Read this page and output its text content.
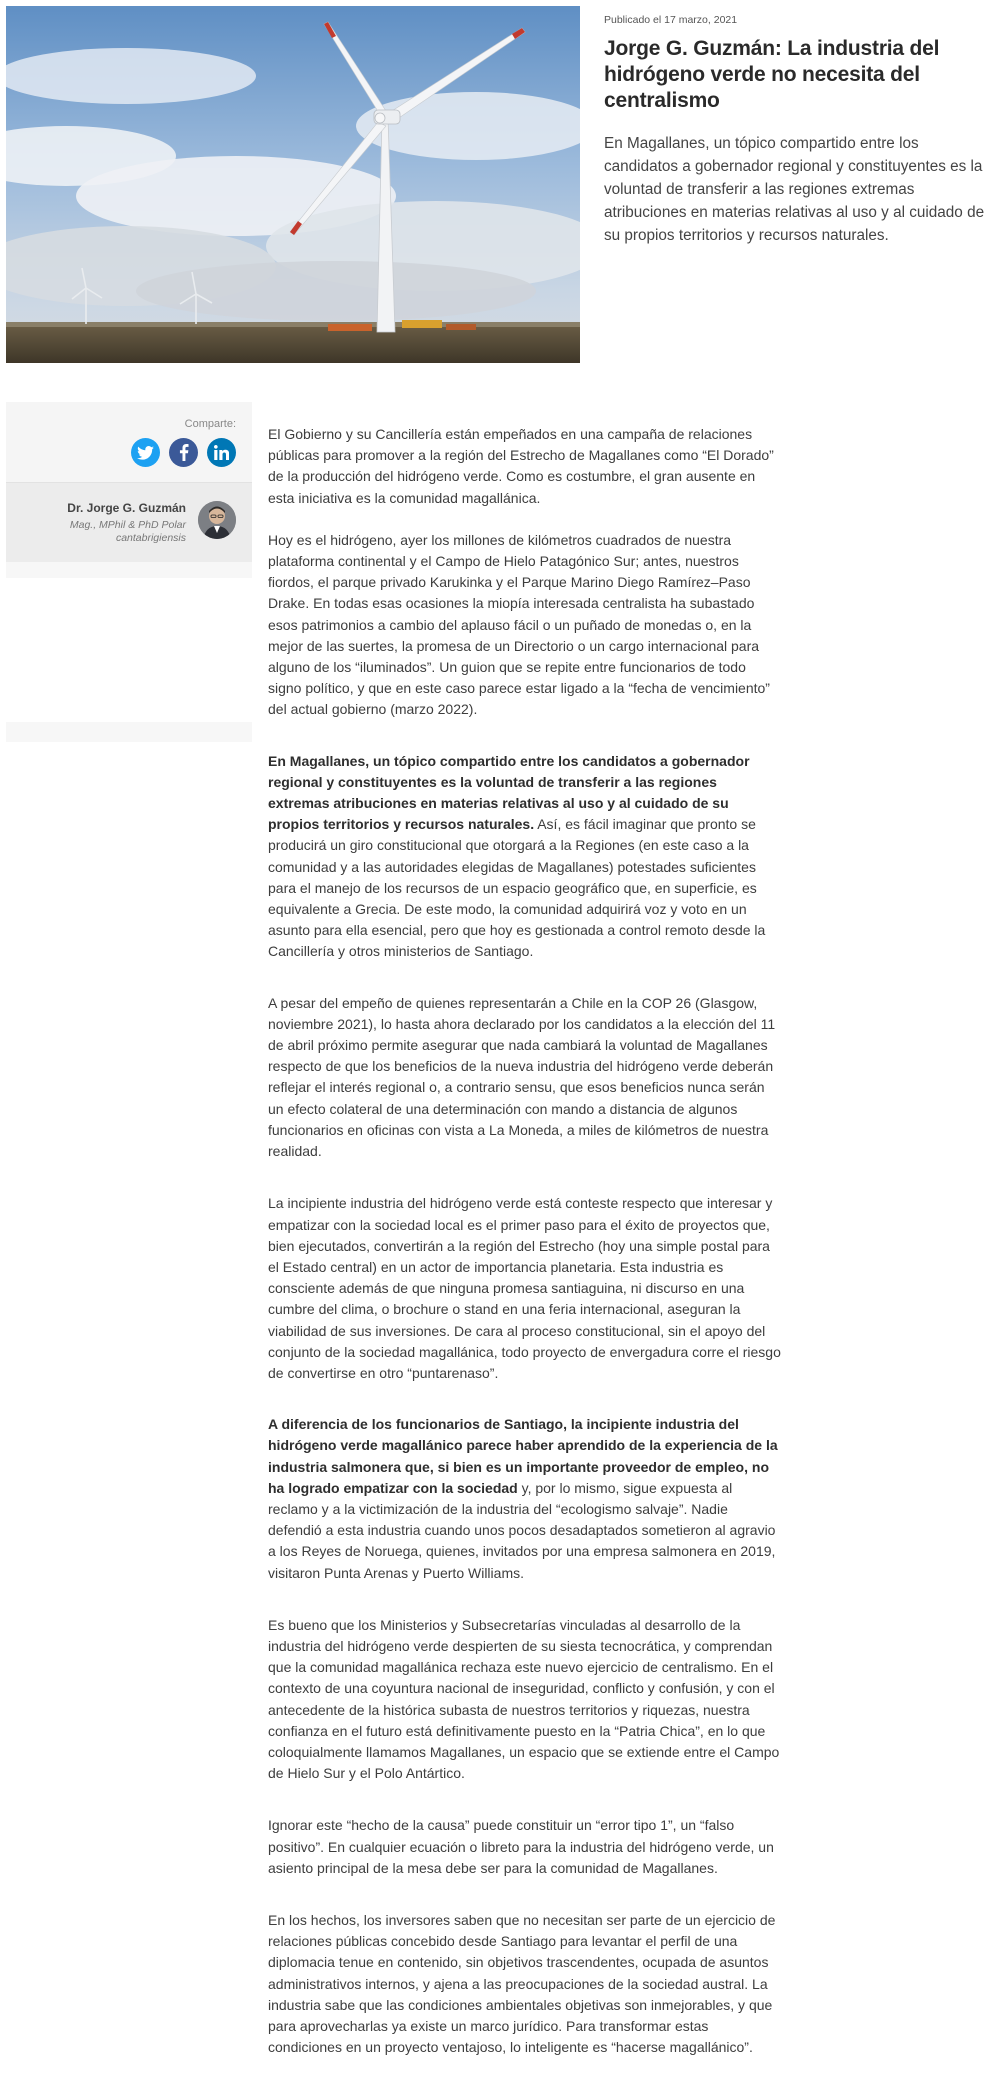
Publicado el 17 marzo, 2021
Jorge G. Guzmán: La industria del hidrógeno verde no necesita del centralismo

En Magallanes, un tópico compartido entre los candidatos a gobernador regional y constituyentes es la voluntad de transferir a las regiones extremas atribuciones en materias relativas al uso y al cuidado de su propios territorios y recursos naturales.

Comparte:
Dr. Jorge G. Guzmán
Mag., MPhil & PhD Polar
cantabrigiensis

El Gobierno y su Cancillería están empeñados en una campaña de relaciones públicas para promover a la región del Estrecho de Magallanes como “El Dorado” de la producción del hidrógeno verde. Como es costumbre, el gran ausente en esta iniciativa es la comunidad magallánica.

Hoy es el hidrógeno, ayer los millones de kilómetros cuadrados de nuestra plataforma continental y el Campo de Hielo Patagónico Sur; antes, nuestros fiordos, el parque privado Karukinka y el Parque Marino Diego Ramírez–Paso Drake. En todas esas ocasiones la miopía interesada centralista ha subastado esos patrimonios a cambio del aplauso fácil o un puñado de monedas o, en la mejor de las suertes, la promesa de un Directorio o un cargo internacional para alguno de los “iluminados”. Un guion que se repite entre funcionarios de todo signo político, y que en este caso parece estar ligado a la “fecha de vencimiento” del actual gobierno (marzo 2022).

En Magallanes, un tópico compartido entre los candidatos a gobernador regional y constituyentes es la voluntad de transferir a las regiones extremas atribuciones en materias relativas al uso y al cuidado de su propios territorios y recursos naturales. Así, es fácil imaginar que pronto se producirá un giro constitucional que otorgará a la Regiones (en este caso a la comunidad y a las autoridades elegidas de Magallanes) potestades suficientes para el manejo de los recursos de un espacio geográfico que, en superficie, es equivalente a Grecia. De este modo, la comunidad adquirirá voz y voto en un asunto para ella esencial, pero que hoy es gestionada a control remoto desde la Cancillería y otros ministerios de Santiago.

A pesar del empeño de quienes representarán a Chile en la COP 26 (Glasgow, noviembre 2021), lo hasta ahora declarado por los candidatos a la elección del 11 de abril próximo permite asegurar que nada cambiará la voluntad de Magallanes respecto de que los beneficios de la nueva industria del hidrógeno verde deberán reflejar el interés regional o, a contrario sensu, que esos beneficios nunca serán un efecto colateral de una determinación con mando a distancia de algunos funcionarios en oficinas con vista a La Moneda, a miles de kilómetros de nuestra realidad.

La incipiente industria del hidrógeno verde está conteste respecto que interesar y empatizar con la sociedad local es el primer paso para el éxito de proyectos que, bien ejecutados, convertirán a la región del Estrecho (hoy una simple postal para el Estado central) en un actor de importancia planetaria. Esta industria es consciente además de que ninguna promesa santiaguina, ni discurso en una cumbre del clima, o brochure o stand en una feria internacional, aseguran la viabilidad de sus inversiones. De cara al proceso constitucional, sin el apoyo del conjunto de la sociedad magallánica, todo proyecto de envergadura corre el riesgo de convertirse en otro “puntarenaso”.

A diferencia de los funcionarios de Santiago, la incipiente industria del hidrógeno verde magallánico parece haber aprendido de la experiencia de la industria salmonera que, si bien es un importante proveedor de empleo, no ha logrado empatizar con la sociedad y, por lo mismo, sigue expuesta al reclamo y a la victimización de la industria del “ecologismo salvaje”. Nadie defendió a esta industria cuando unos pocos desadaptados sometieron al agravio a los Reyes de Noruega, quienes, invitados por una empresa salmonera en 2019, visitaron Punta Arenas y Puerto Williams.

Es bueno que los Ministerios y Subsecretarías vinculadas al desarrollo de la industria del hidrógeno verde despierten de su siesta tecnocrática, y comprendan que la comunidad magallánica rechaza este nuevo ejercicio de centralismo. En el contexto de una coyuntura nacional de inseguridad, conflicto y confusión, y con el antecedente de la histórica subasta de nuestros territorios y riquezas, nuestra confianza en el futuro está definitivamente puesto en la “Patria Chica”, en lo que coloquialmente llamamos Magallanes, un espacio que se extiende entre el Campo de Hielo Sur y el Polo Antártico.

Ignorar este “hecho de la causa” puede constituir un “error tipo 1”, un “falso positivo”. En cualquier ecuación o libreto para la industria del hidrógeno verde, un asiento principal de la mesa debe ser para la comunidad de Magallanes.

En los hechos, los inversores saben que no necesitan ser parte de un ejercicio de relaciones públicas concebido desde Santiago para levantar el perfil de una diplomacia tenue en contenido, sin objetivos trascendentes, ocupada de asuntos administrativos internos, y ajena a las preocupaciones de la sociedad austral. La industria sabe que las condiciones ambientales objetivas son inmejorables, y que para aprovecharlas ya existe un marco jurídico. Para transformar estas condiciones en un proyecto ventajoso, lo inteligente es “hacerse magallánico”.
